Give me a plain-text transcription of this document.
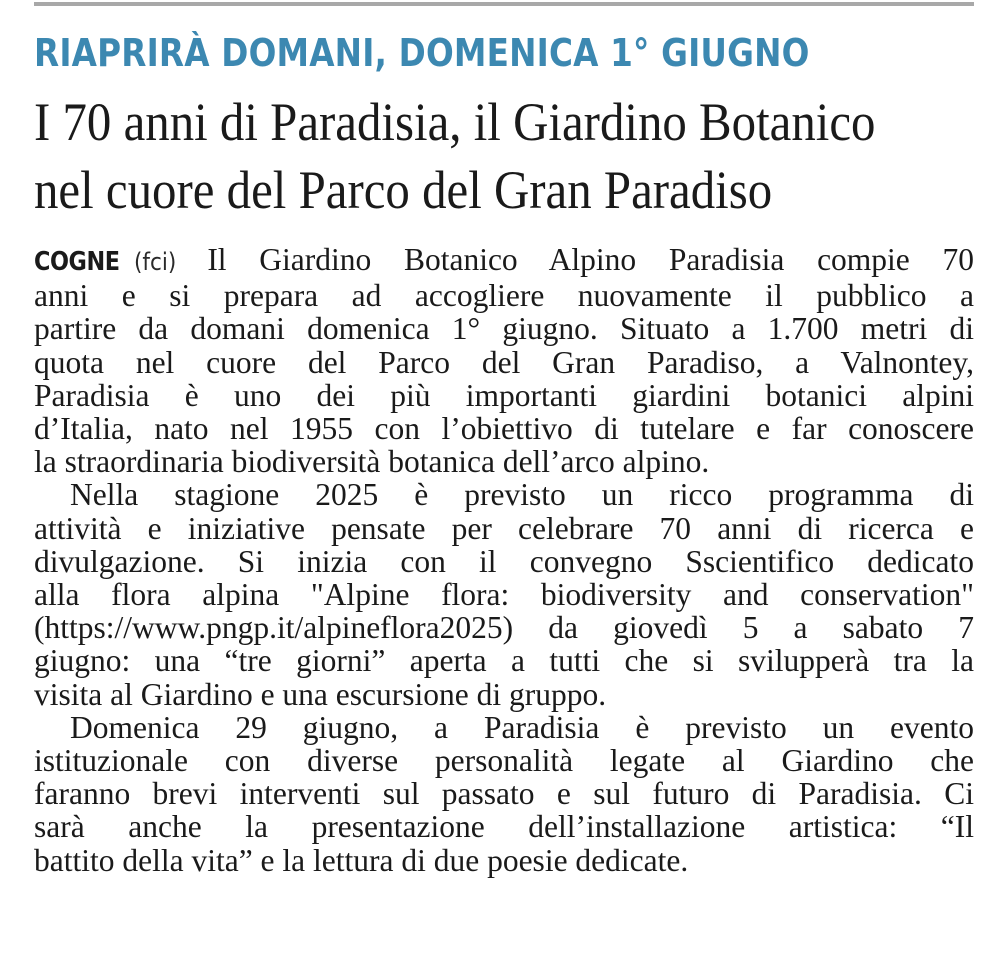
RIAPRIRÀ DOMANI, DOMENICA 1° GIUGNO
I 70 anni di Paradisia, il Giardino Botanico
nel cuore del Parco del Gran Paradiso

COGNE (fci) Il Giardino Botanico Alpino Paradisia compie 70
anni e si prepara ad accogliere nuovamente il pubblico a
partire da domani domenica 1° giugno. Situato a 1.700 metri di
quota nel cuore del Parco del Gran Paradiso, a Valnontey,
Paradisia è uno dei più importanti giardini botanici alpini
d’Italia, nato nel 1955 con l’obiettivo di tutelare e far conoscere
la straordinaria biodiversità botanica dell’arco alpino.

Nella stagione 2025 è previsto un ricco programma di
attività e iniziative pensate per celebrare 70 anni di ricerca e
divulgazione. Si inizia con il convegno Sscientifico dedicato
alla flora alpina "Alpine flora: biodiversity and conservation"
(https://www.pngp.it/alpineflora2025) da giovedì 5 a sabato 7
giugno: una “tre giorni” aperta a tutti che si svilupperà tra la
visita al Giardino e una escursione di gruppo.

Domenica 29 giugno, a Paradisia è previsto un evento
istituzionale con diverse personalità legate al Giardino che
faranno brevi interventi sul passato e sul futuro di Paradisia. Ci
sarà anche la presentazione dell’installazione artistica: “Il
battito della vita” e la lettura di due poesie dedicate.
